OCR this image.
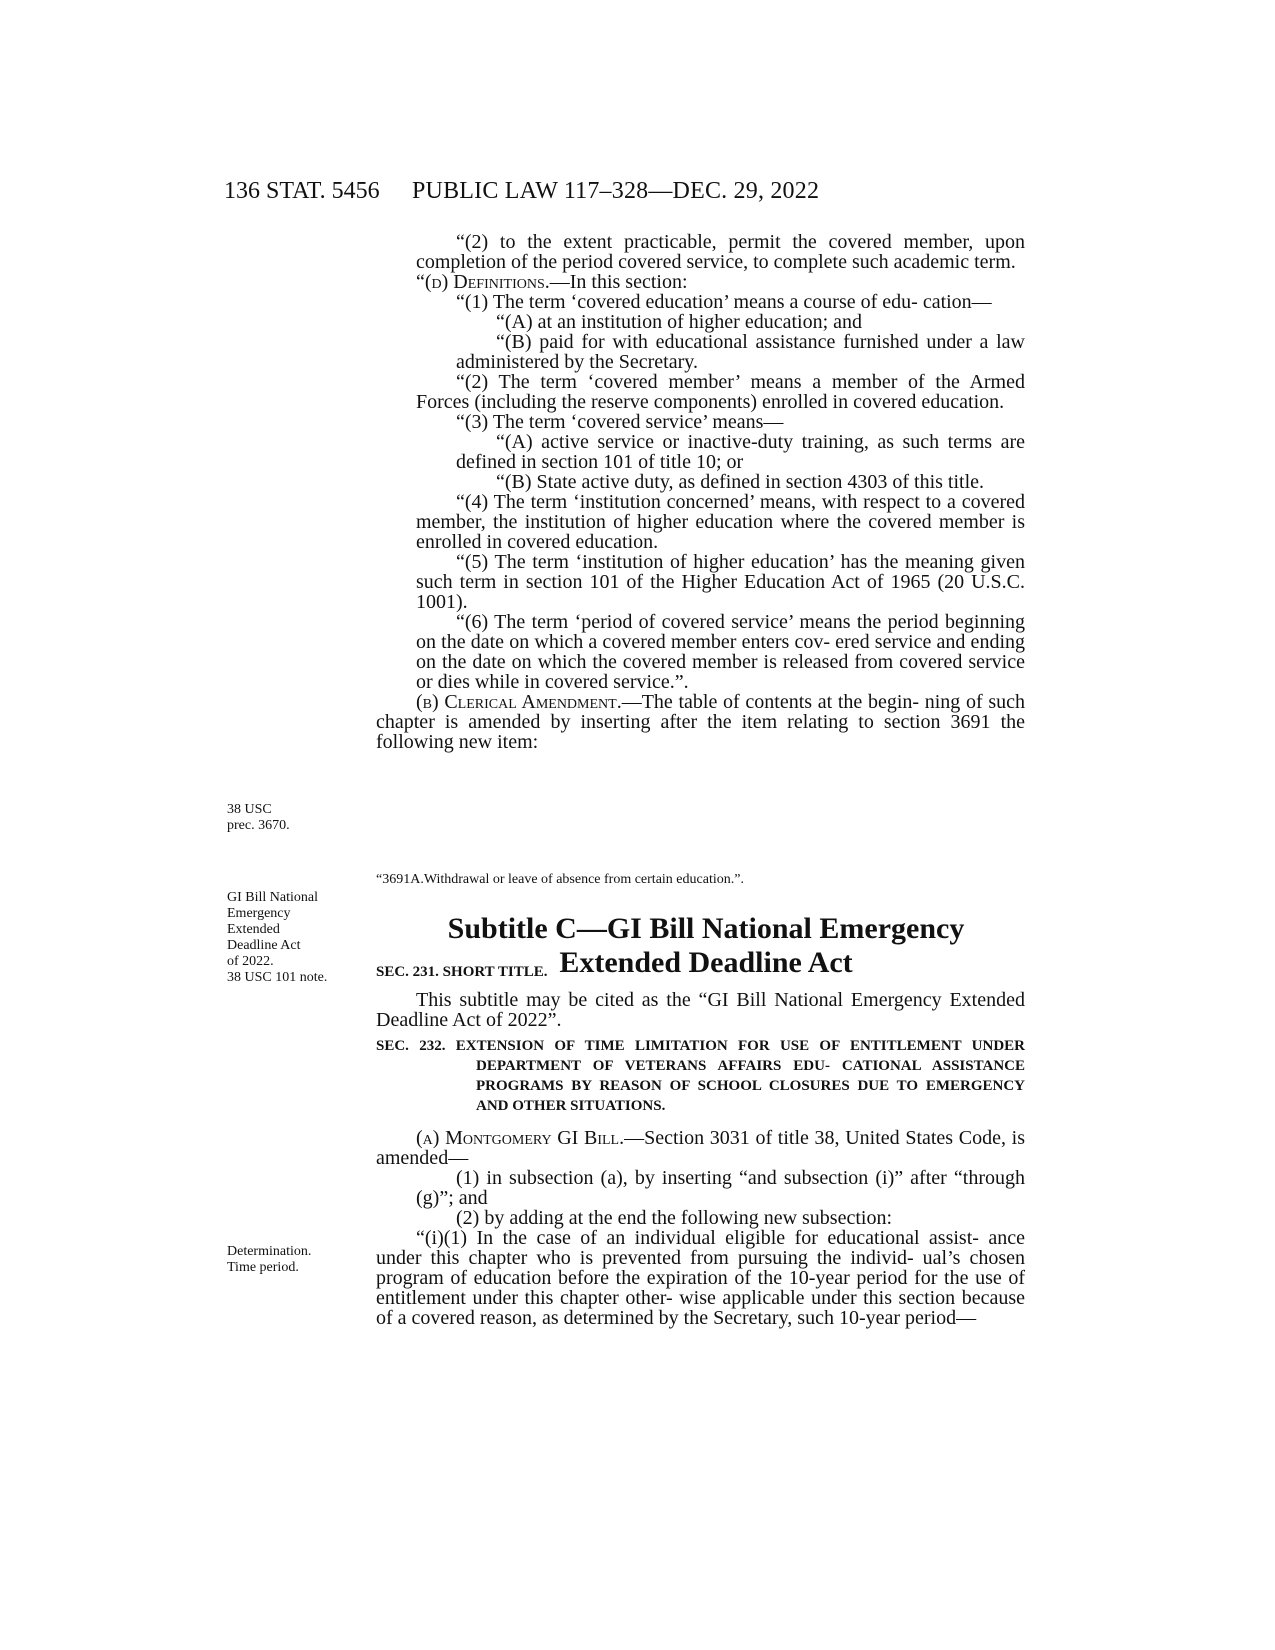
136 STAT. 5456 PUBLIC LAW 117–328—DEC. 29, 2022

“(2) to the extent practicable, permit the covered member, upon completion of the period covered service, to complete such academic term.

“(d) Definitions.—In this section:

“(1) The term ‘covered education’ means a course of edu- cation—

“(A) at an institution of higher education; and

“(B) paid for with educational assistance furnished under a law administered by the Secretary.

“(2) The term ‘covered member’ means a member of the Armed Forces (including the reserve components) enrolled in covered education.

“(3) The term ‘covered service’ means—

“(A) active service or inactive-duty training, as such terms are defined in section 101 of title 10; or

“(B) State active duty, as defined in section 4303 of this title.

“(4) The term ‘institution concerned’ means, with respect to a covered member, the institution of higher education where the covered member is enrolled in covered education.

“(5) The term ‘institution of higher education’ has the meaning given such term in section 101 of the Higher Education Act of 1965 (20 U.S.C. 1001).

“(6) The term ‘period of covered service’ means the period beginning on the date on which a covered member enters cov- ered service and ending on the date on which the covered member is released from covered service or dies while in covered service.”.

(b) Clerical Amendment.—The table of contents at the begin- ning of such chapter is amended by inserting after the item relating to section 3691 the following new item:

“3691A.Withdrawal or leave of absence from certain education.”.
Subtitle C—GI Bill National Emergency
Extended Deadline Act

SEC. 231. SHORT TITLE.

This subtitle may be cited as the “GI Bill National Emergency Extended Deadline Act of 2022”.

SEC. 232. EXTENSION OF TIME LIMITATION FOR USE OF ENTITLEMENT UNDER DEPARTMENT OF VETERANS AFFAIRS EDU- CATIONAL ASSISTANCE PROGRAMS BY REASON OF SCHOOL CLOSURES DUE TO EMERGENCY AND OTHER SITUATIONS.

(a) Montgomery GI Bill.—Section 3031 of title 38, United States Code, is amended—

(1) in subsection (a), by inserting “and subsection (i)” after “through (g)”; and

(2) by adding at the end the following new subsection:

“(i)(1) In the case of an individual eligible for educational assist- ance under this chapter who is prevented from pursuing the individ- ual’s chosen program of education before the expiration of the 10-year period for the use of entitlement under this chapter other- wise applicable under this section because of a covered reason, as determined by the Secretary, such 10-year period—

38 USC
prec. 3670.
GI Bill National
Emergency
Extended
Deadline Act
of 2022.
38 USC 101 note.
Determination.
Time period.
